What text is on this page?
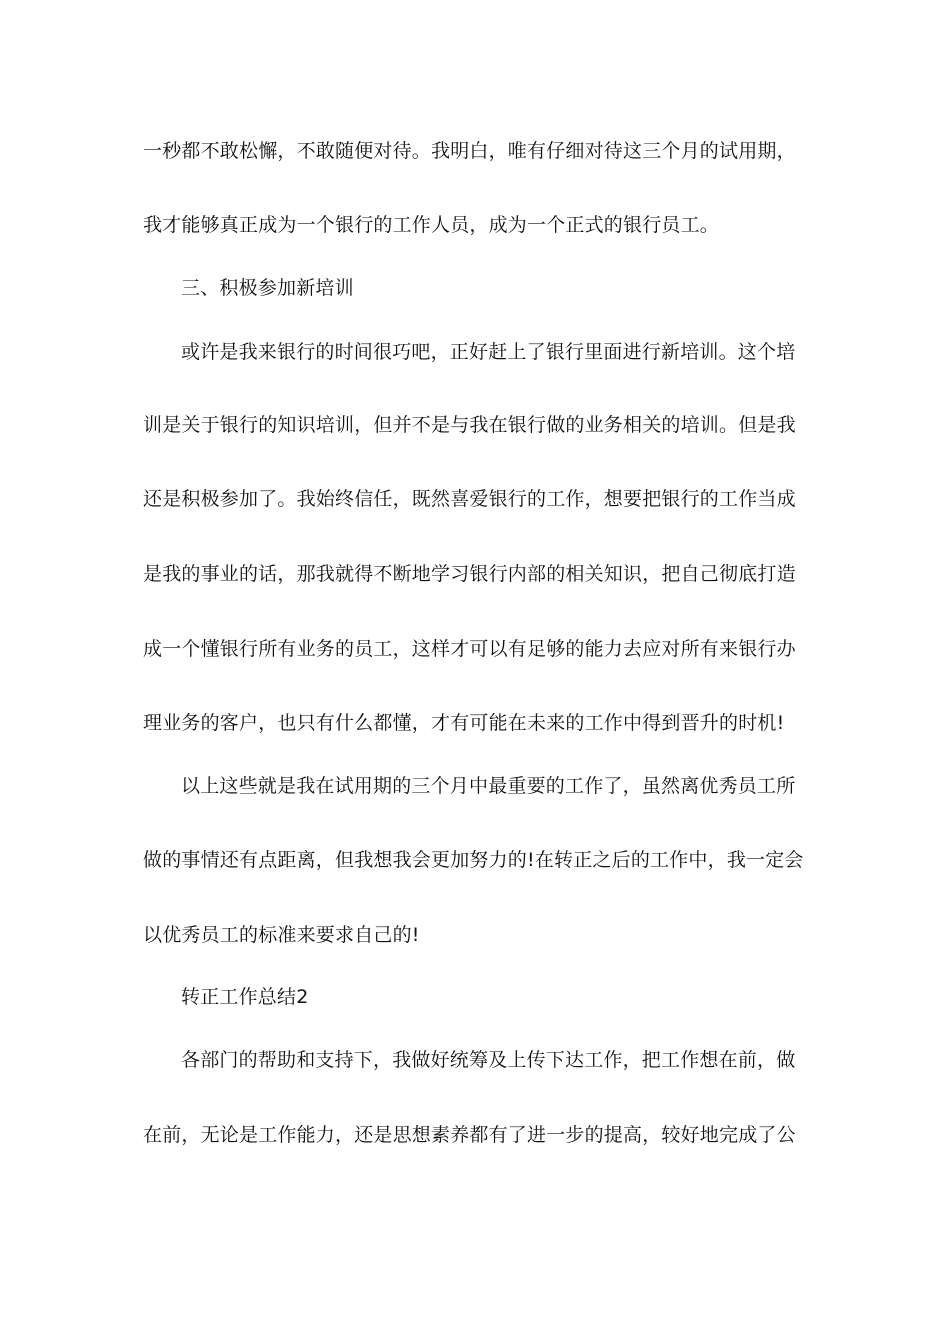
一秒都不敢松懈，不敢随便对待。我明白，唯有仔细对待这三个月的试用期，
我才能够真正成为一个银行的工作人员，成为一个正式的银行员工。
三、积极参加新培训
或许是我来银行的时间很巧吧，正好赶上了银行里面进行新培训。这个培
训是关于银行的知识培训，但并不是与我在银行做的业务相关的培训。但是我
还是积极参加了。我始终信任，既然喜爱银行的工作，想要把银行的工作当成
是我的事业的话，那我就得不断地学习银行内部的相关知识，把自己彻底打造
成一个懂银行所有业务的员工，这样才可以有足够的能力去应对所有来银行办
理业务的客户，也只有什么都懂，才有可能在未来的工作中得到晋升的时机!
以上这些就是我在试用期的三个月中最重要的工作了，虽然离优秀员工所
做的事情还有点距离，但我想我会更加努力的!在转正之后的工作中，我一定会
以优秀员工的标准来要求自己的!
转正工作总结2
各部门的帮助和支持下，我做好统筹及上传下达工作，把工作想在前，做
在前，无论是工作能力，还是思想素养都有了进一步的提高，较好地完成了公
